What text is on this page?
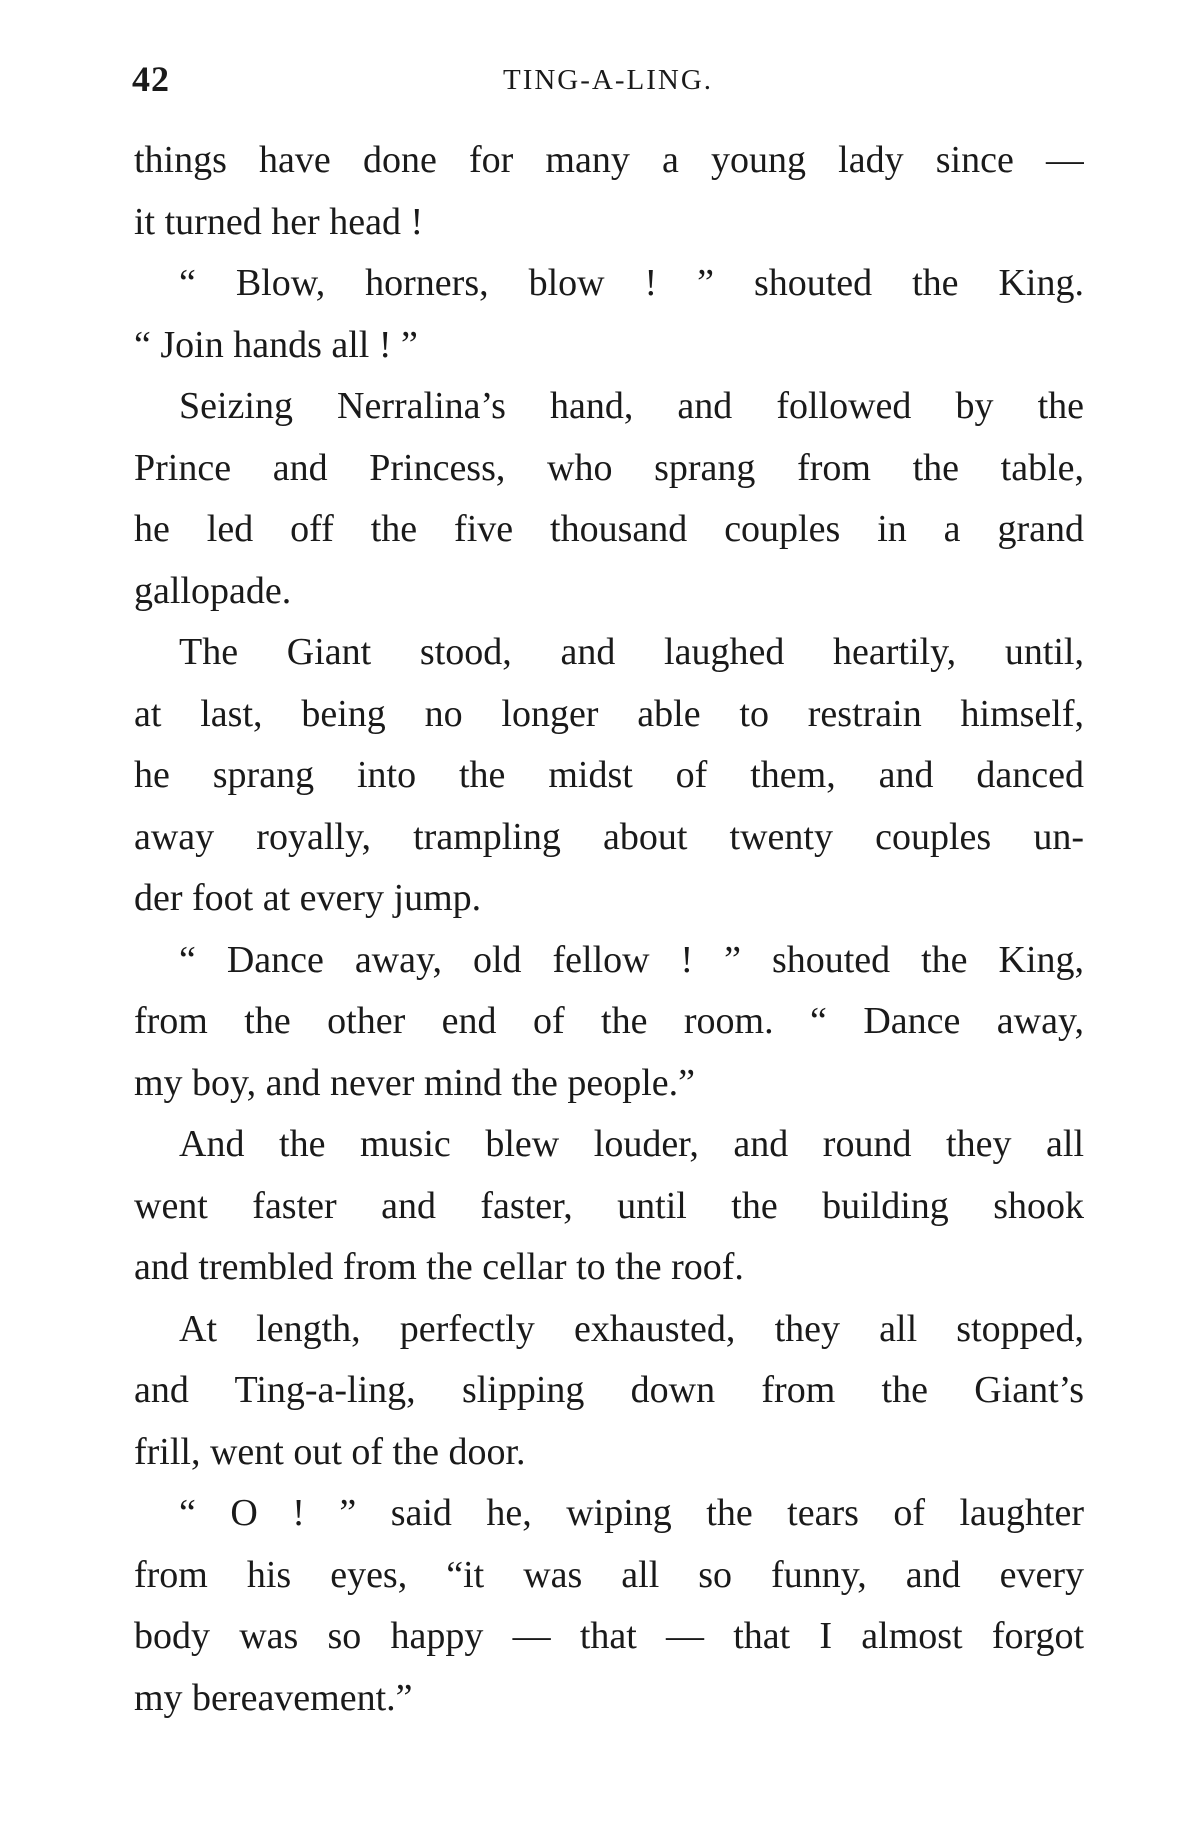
42	TING-A-LING.
things have done for many a young lady since —
it turned her head !
“ Blow, horners, blow ! ” shouted the King.
“ Join hands all ! ”
Seizing Nerralina’s hand, and followed by the
Prince and Princess, who sprang from the table,
he led off the five thousand couples in a grand
gallopade.
The Giant stood, and laughed heartily, until,
at last, being no longer able to restrain himself,
he sprang into the midst of them, and danced
away royally, trampling about twenty couples un-
der foot at every jump.
“ Dance away, old fellow ! ” shouted the King,
from the other end of the room. “ Dance away,
my boy, and never mind the people.”
And the music blew louder, and round they all
went faster and faster, until the building shook
and trembled from the cellar to the roof.
At length, perfectly exhausted, they all stopped,
and Ting-a-ling, slipping down from the Giant’s
frill, went out of the door.
“ O ! ” said he, wiping the tears of laughter
from his eyes, “it was all so funny, and every
body was so happy — that — that I almost forgot
my bereavement.”
